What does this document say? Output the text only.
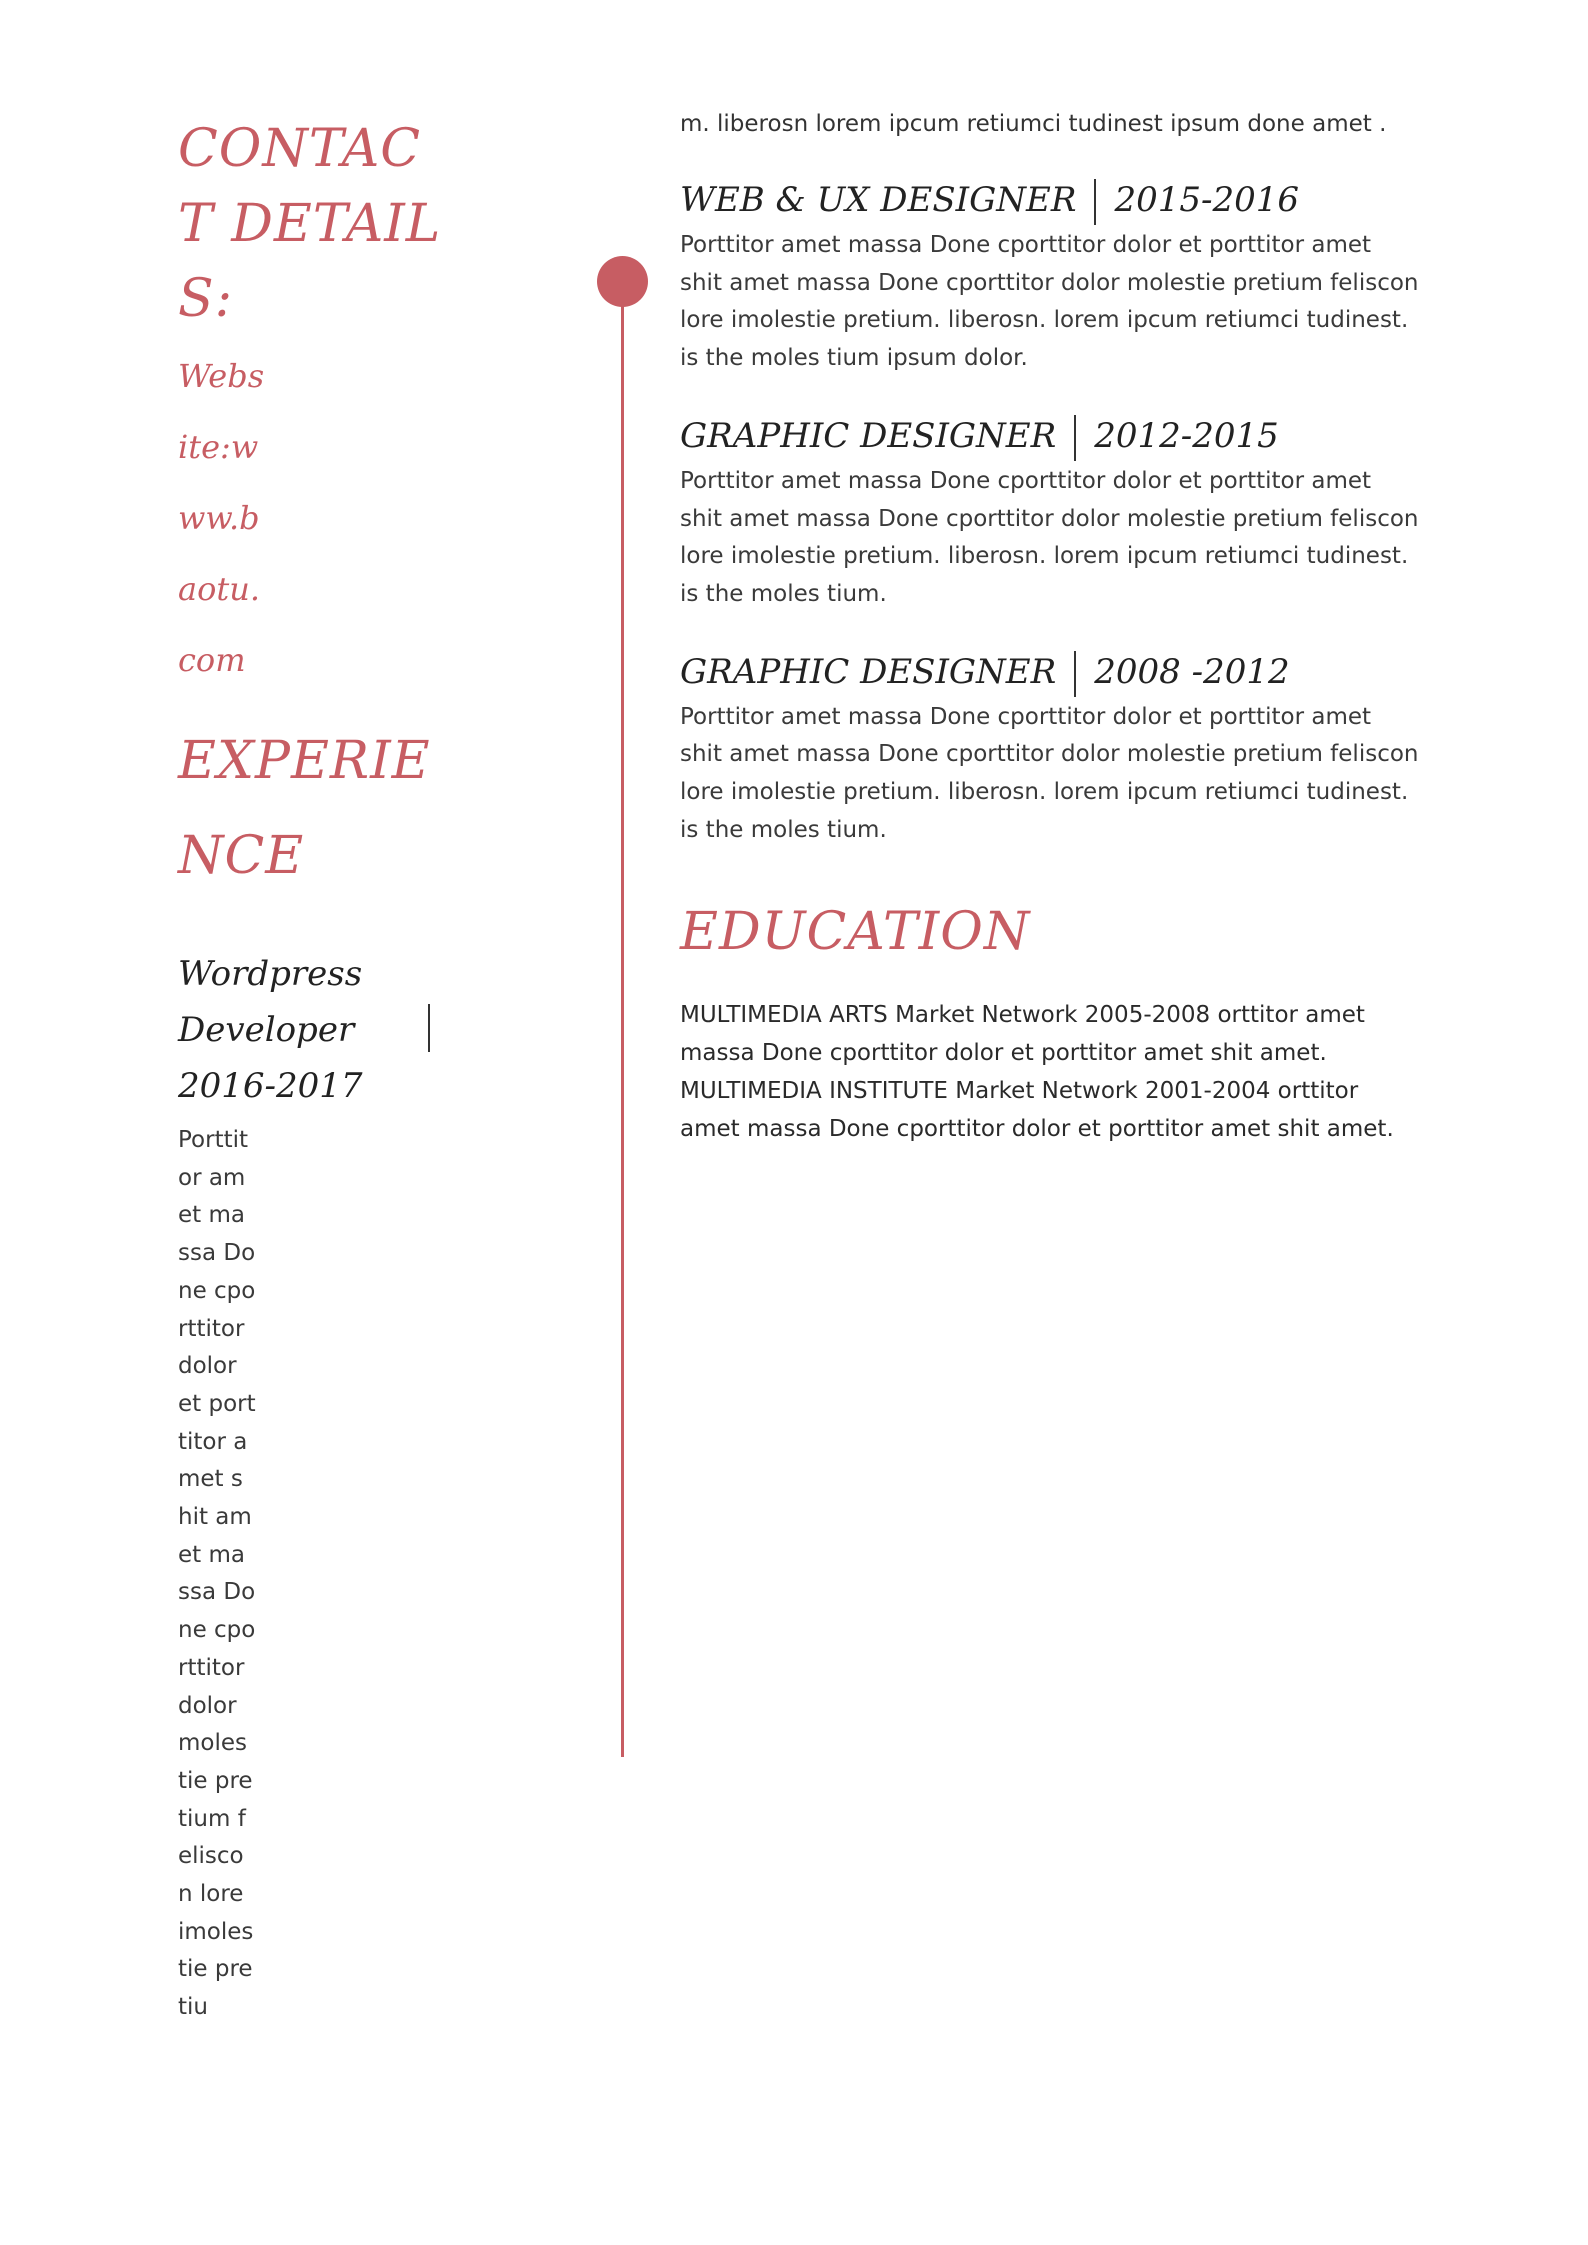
CONTACT DETAILS:
Website:www.baotu.com
EXPERIENCE
Wordpress Developer
2016-2017
Porttitor amet massa Done cporttitor dolor et porttitor amet shit amet massa Done cporttitor dolor molestie pretium feliscon lore imolestie pretiu

m. liberosn lorem ipcum retiumci tudinest ipsum done amet .

WEB & UX DESIGNER 2015-2016
Porttitor amet massa Done cporttitor dolor et porttitor amet shit amet massa Done cporttitor dolor molestie pretium feliscon lore imolestie pretium. liberosn. lorem ipcum retiumci tudinest. is the moles tium ipsum dolor.
GRAPHIC DESIGNER 2012-2015
Porttitor amet massa Done cporttitor dolor et porttitor amet shit amet massa Done cporttitor dolor molestie pretium feliscon lore imolestie pretium. liberosn. lorem ipcum retiumci tudinest. is the moles tium.
GRAPHIC DESIGNER 2008 -2012
Porttitor amet massa Done cporttitor dolor et porttitor amet shit amet massa Done cporttitor dolor molestie pretium feliscon lore imolestie pretium. liberosn. lorem ipcum retiumci tudinest. is the moles tium.
EDUCATION
MULTIMEDIA ARTS Market Network 2005-2008 orttitor amet massa Done cporttitor dolor et porttitor amet shit amet. MULTIMEDIA INSTITUTE Market Network 2001-2004 orttitor amet massa Done cporttitor dolor et porttitor amet shit amet.
